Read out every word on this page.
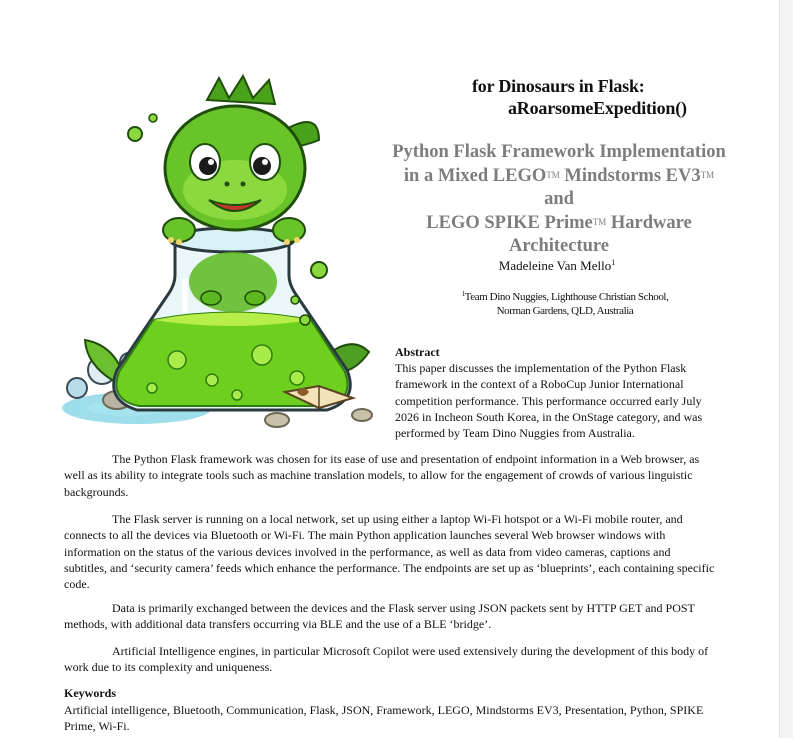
for Dinosaurs in Flask:
aRoarsomeExpedition()
Python Flask Framework Implementation
in a Mixed LEGO™ Mindstorms EV3™ and
LEGO SPIKE Prime™ Hardware
Architecture
Madeleine Van Mello$^1$
$^1$Team Dino Nuggies, Lighthouse Christian School,
Norman Gardens, QLD, Australia
Abstract
This paper discusses the implementation of the Python Flask framework in the context of a RoboCup Junior International competition performance. This performance occurred early July 2026 in Incheon South Korea, in the OnStage category, and was performed by Team Dino Nuggies from Australia.
The Python Flask framework was chosen for its ease of use and presentation of endpoint information in a Web browser, as well as its ability to integrate tools such as machine translation models, to allow for the engagement of crowds of various linguistic backgrounds.
The Flask server is running on a local network, set up using either a laptop Wi-Fi hotspot or a Wi-Fi mobile router, and connects to all the devices via Bluetooth or Wi-Fi. The main Python application launches several Web browser windows with information on the status of the various devices involved in the performance, as well as data from video cameras, captions and subtitles, and ‘security camera’ feeds which enhance the performance. The endpoints are set up as ‘blueprints’, each containing specific code.
Data is primarily exchanged between the devices and the Flask server using JSON packets sent by HTTP GET and POST methods, with additional data transfers occurring via BLE and the use of a BLE ‘bridge’.
Artificial Intelligence engines, in particular Microsoft Copilot were used extensively during the development of this body of work due to its complexity and uniqueness.
Keywords
Artificial intelligence, Bluetooth, Communication, Flask, JSON, Framework, LEGO, Mindstorms EV3, Presentation, Python, SPIKE Prime, Wi-Fi.
